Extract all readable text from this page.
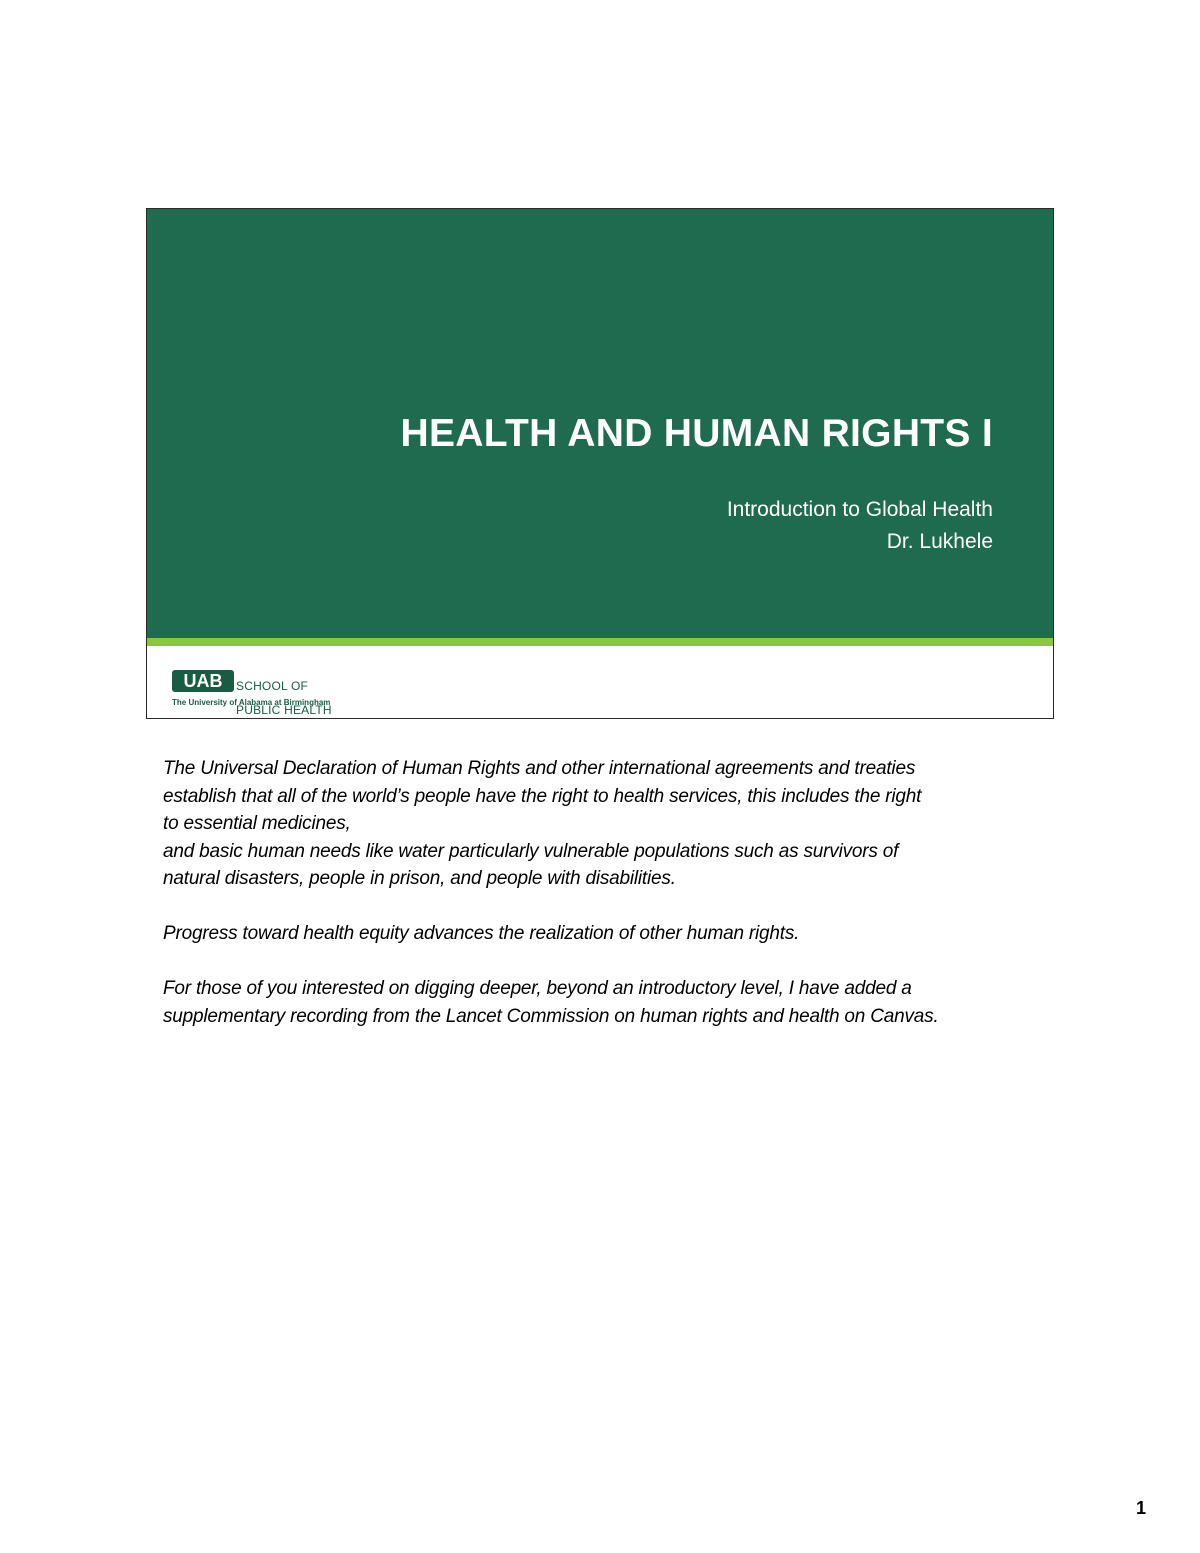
HEALTH AND HUMAN RIGHTS I
Introduction to Global Health
Dr. Lukhele
UAB SCHOOL OF

PUBLIC HEALTH

The University of Alabama at Birmingham

The Universal Declaration of Human Rights and other international agreements and treaties
establish that all of the world’s people have the right to health services, this includes the right
to essential medicines,
and basic human needs like water particularly vulnerable populations such as survivors of
natural disasters, people in prison, and people with disabilities.

Progress toward health equity advances the realization of other human rights.

For those of you interested on digging deeper, beyond an introductory level, I have added a
supplementary recording from the Lancet Commission on human rights and health on Canvas.

1
